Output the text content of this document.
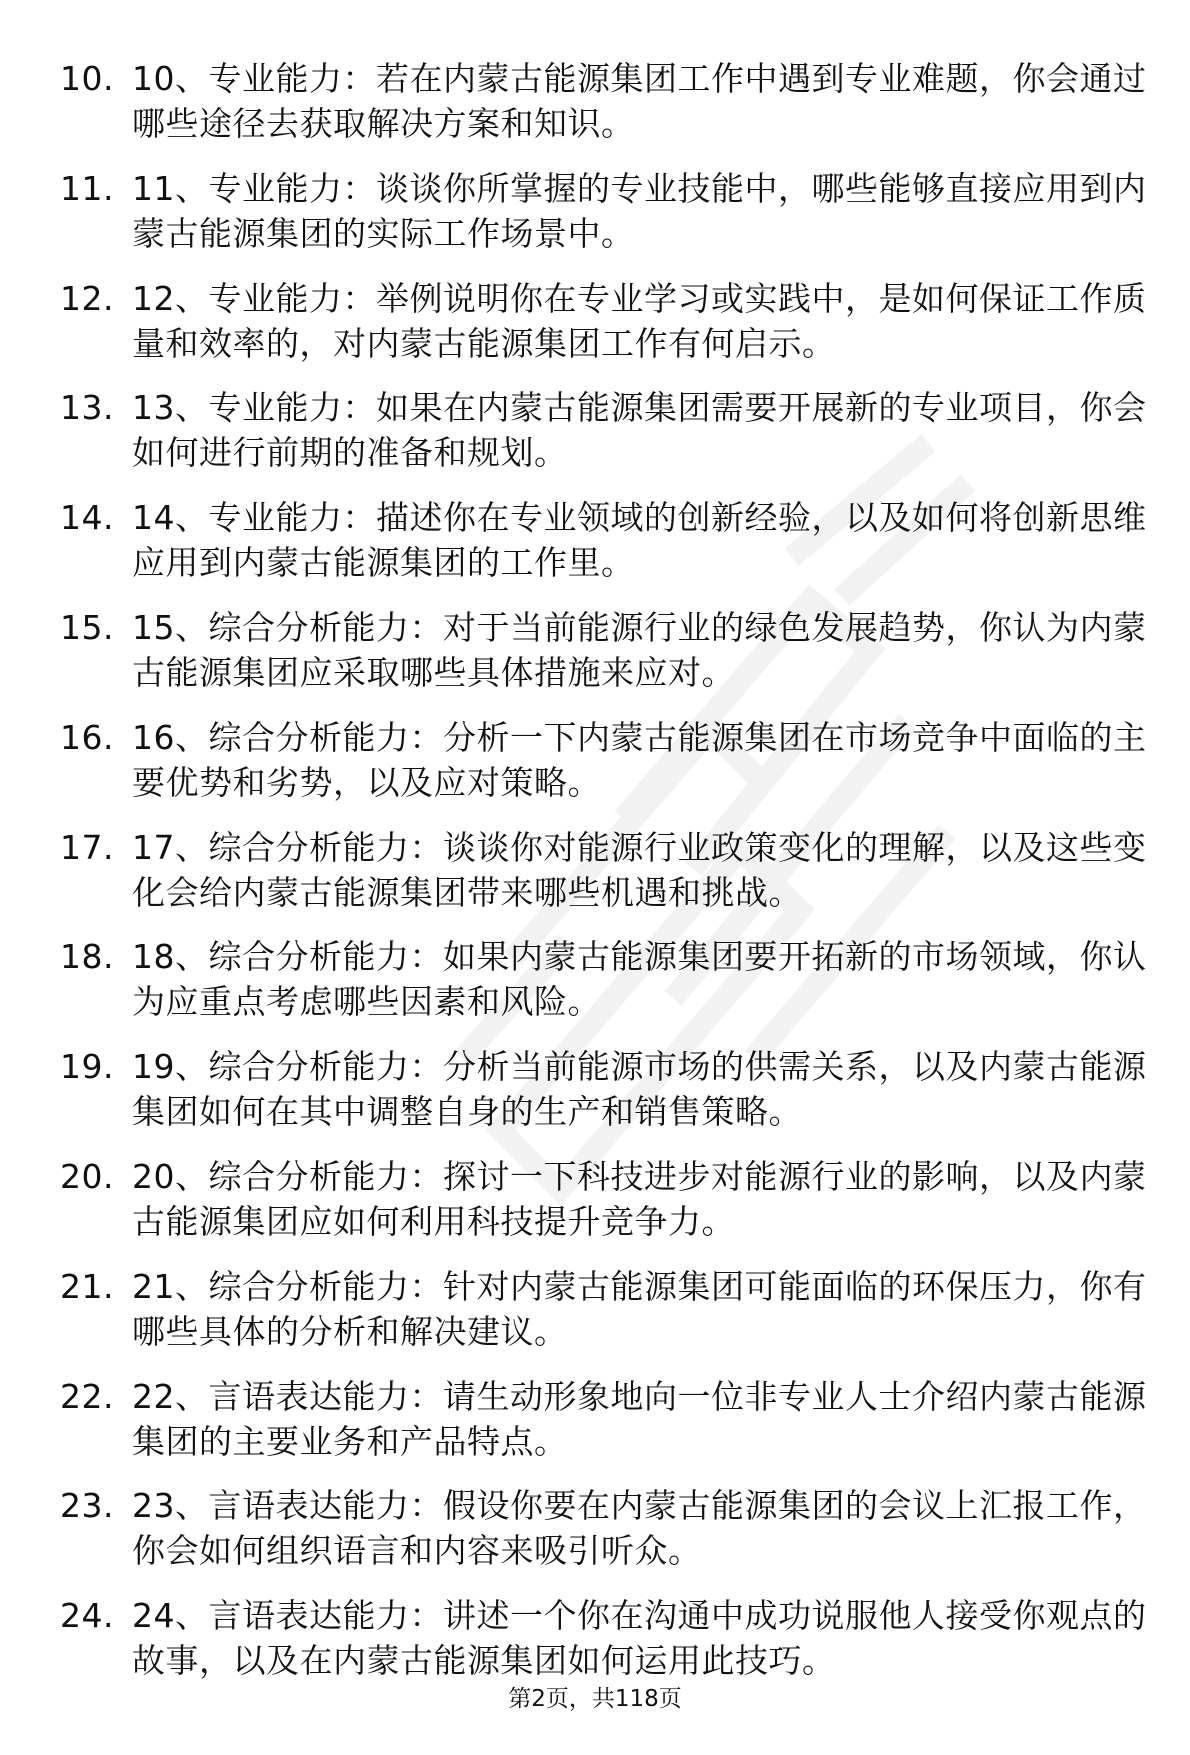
10. 10、专业能力：若在内蒙古能源集团工作中遇到专业难题，你会通过哪些途径去获取解决方案和知识。
11. 11、专业能力：谈谈你所掌握的专业技能中，哪些能够直接应用到内蒙古能源集团的实际工作场景中。
12. 12、专业能力：举例说明你在专业学习或实践中，是如何保证工作质量和效率的，对内蒙古能源集团工作有何启示。
13. 13、专业能力：如果在内蒙古能源集团需要开展新的专业项目，你会如何进行前期的准备和规划。
14. 14、专业能力：描述你在专业领域的创新经验，以及如何将创新思维应用到内蒙古能源集团的工作里。
15. 15、综合分析能力：对于当前能源行业的绿色发展趋势，你认为内蒙古能源集团应采取哪些具体措施来应对。
16. 16、综合分析能力：分析一下内蒙古能源集团在市场竞争中面临的主要优势和劣势，以及应对策略。
17. 17、综合分析能力：谈谈你对能源行业政策变化的理解，以及这些变化会给内蒙古能源集团带来哪些机遇和挑战。
18. 18、综合分析能力：如果内蒙古能源集团要开拓新的市场领域，你认为应重点考虑哪些因素和风险。
19. 19、综合分析能力：分析当前能源市场的供需关系，以及内蒙古能源集团如何在其中调整自身的生产和销售策略。
20. 20、综合分析能力：探讨一下科技进步对能源行业的影响，以及内蒙古能源集团应如何利用科技提升竞争力。
21. 21、综合分析能力：针对内蒙古能源集团可能面临的环保压力，你有哪些具体的分析和解决建议。
22. 22、言语表达能力：请生动形象地向一位非专业人士介绍内蒙古能源集团的主要业务和产品特点。
23. 23、言语表达能力：假设你要在内蒙古能源集团的会议上汇报工作，你会如何组织语言和内容来吸引听众。
24. 24、言语表达能力：讲述一个你在沟通中成功说服他人接受你观点的故事，以及在内蒙古能源集团如何运用此技巧。
第2页，共118页
